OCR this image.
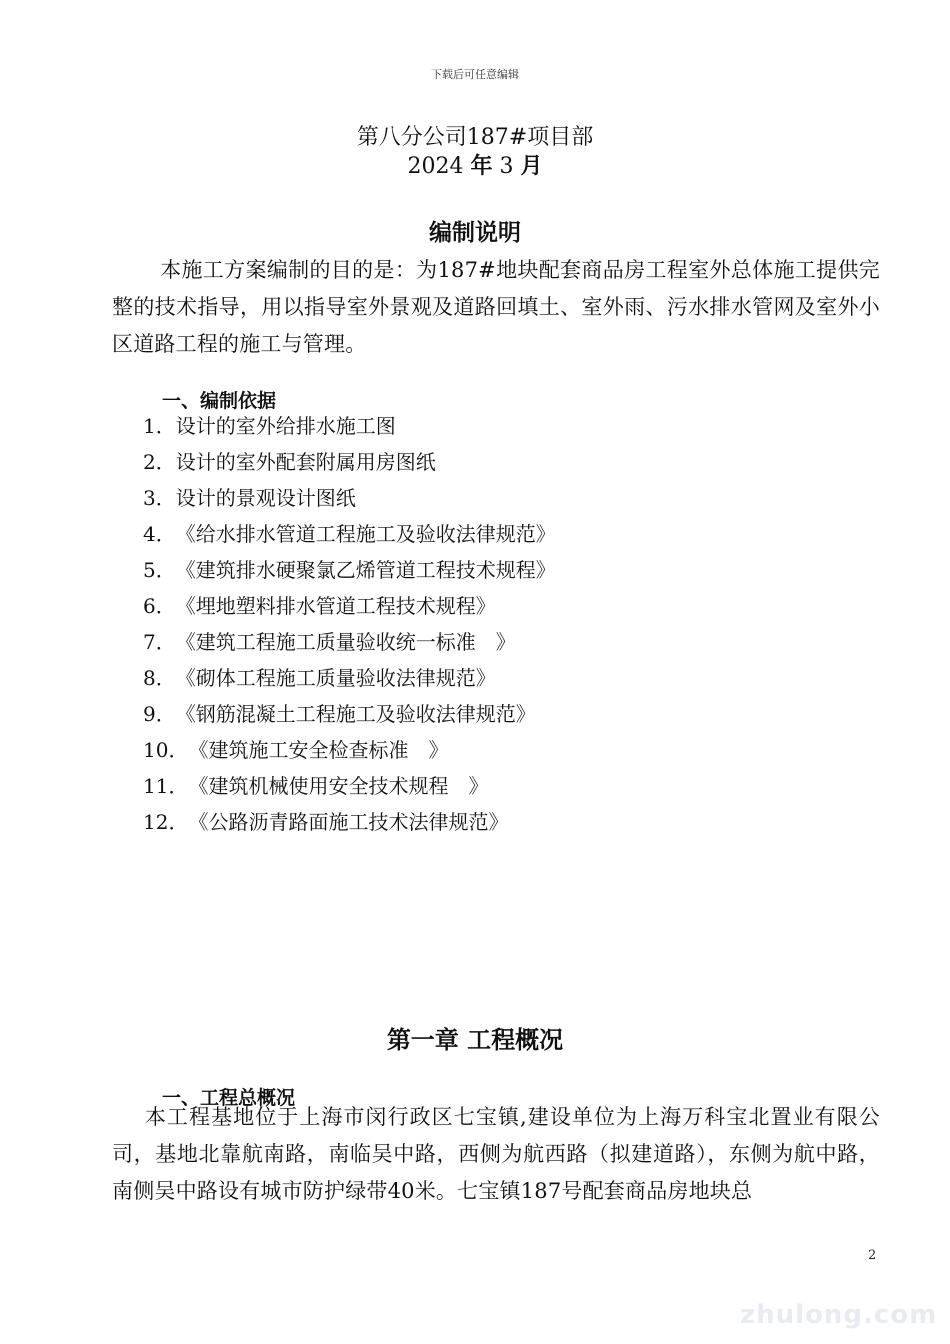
下载后可任意编辑
第八分公司187#项目部
2024 年 3 月
编制说明
本施工方案编制的目的是：为187#地块配套商品房工程室外总体施工提供完整的技术指导，用以指导室外景观及道路回填土、室外雨、污水排水管网及室外小区道路工程的施工与管理。
一、编制依据
1．设计的室外给排水施工图
2．设计的室外配套附属用房图纸
3．设计的景观设计图纸
4．《给水排水管道工程施工及验收法律规范》
5．《建筑排水硬聚氯乙烯管道工程技术规程》
6．《埋地塑料排水管道工程技术规程》
7．《建筑工程施工质量验收统一标准　》
8．《砌体工程施工质量验收法律规范》
9．《钢筋混凝土工程施工及验收法律规范》
10．《建筑施工安全检查标准　》
11．《建筑机械使用安全技术规程　》
12．《公路沥青路面施工技术法律规范》
第一章 工程概况
一、工程总概况
本工程基地位于上海市闵行政区七宝镇,建设单位为上海万科宝北置业有限公司，基地北靠航南路，南临吴中路，西侧为航西路（拟建道路），东侧为航中路，南侧吴中路设有城市防护绿带40米。七宝镇187号配套商品房地块总
2
zhulong.com
